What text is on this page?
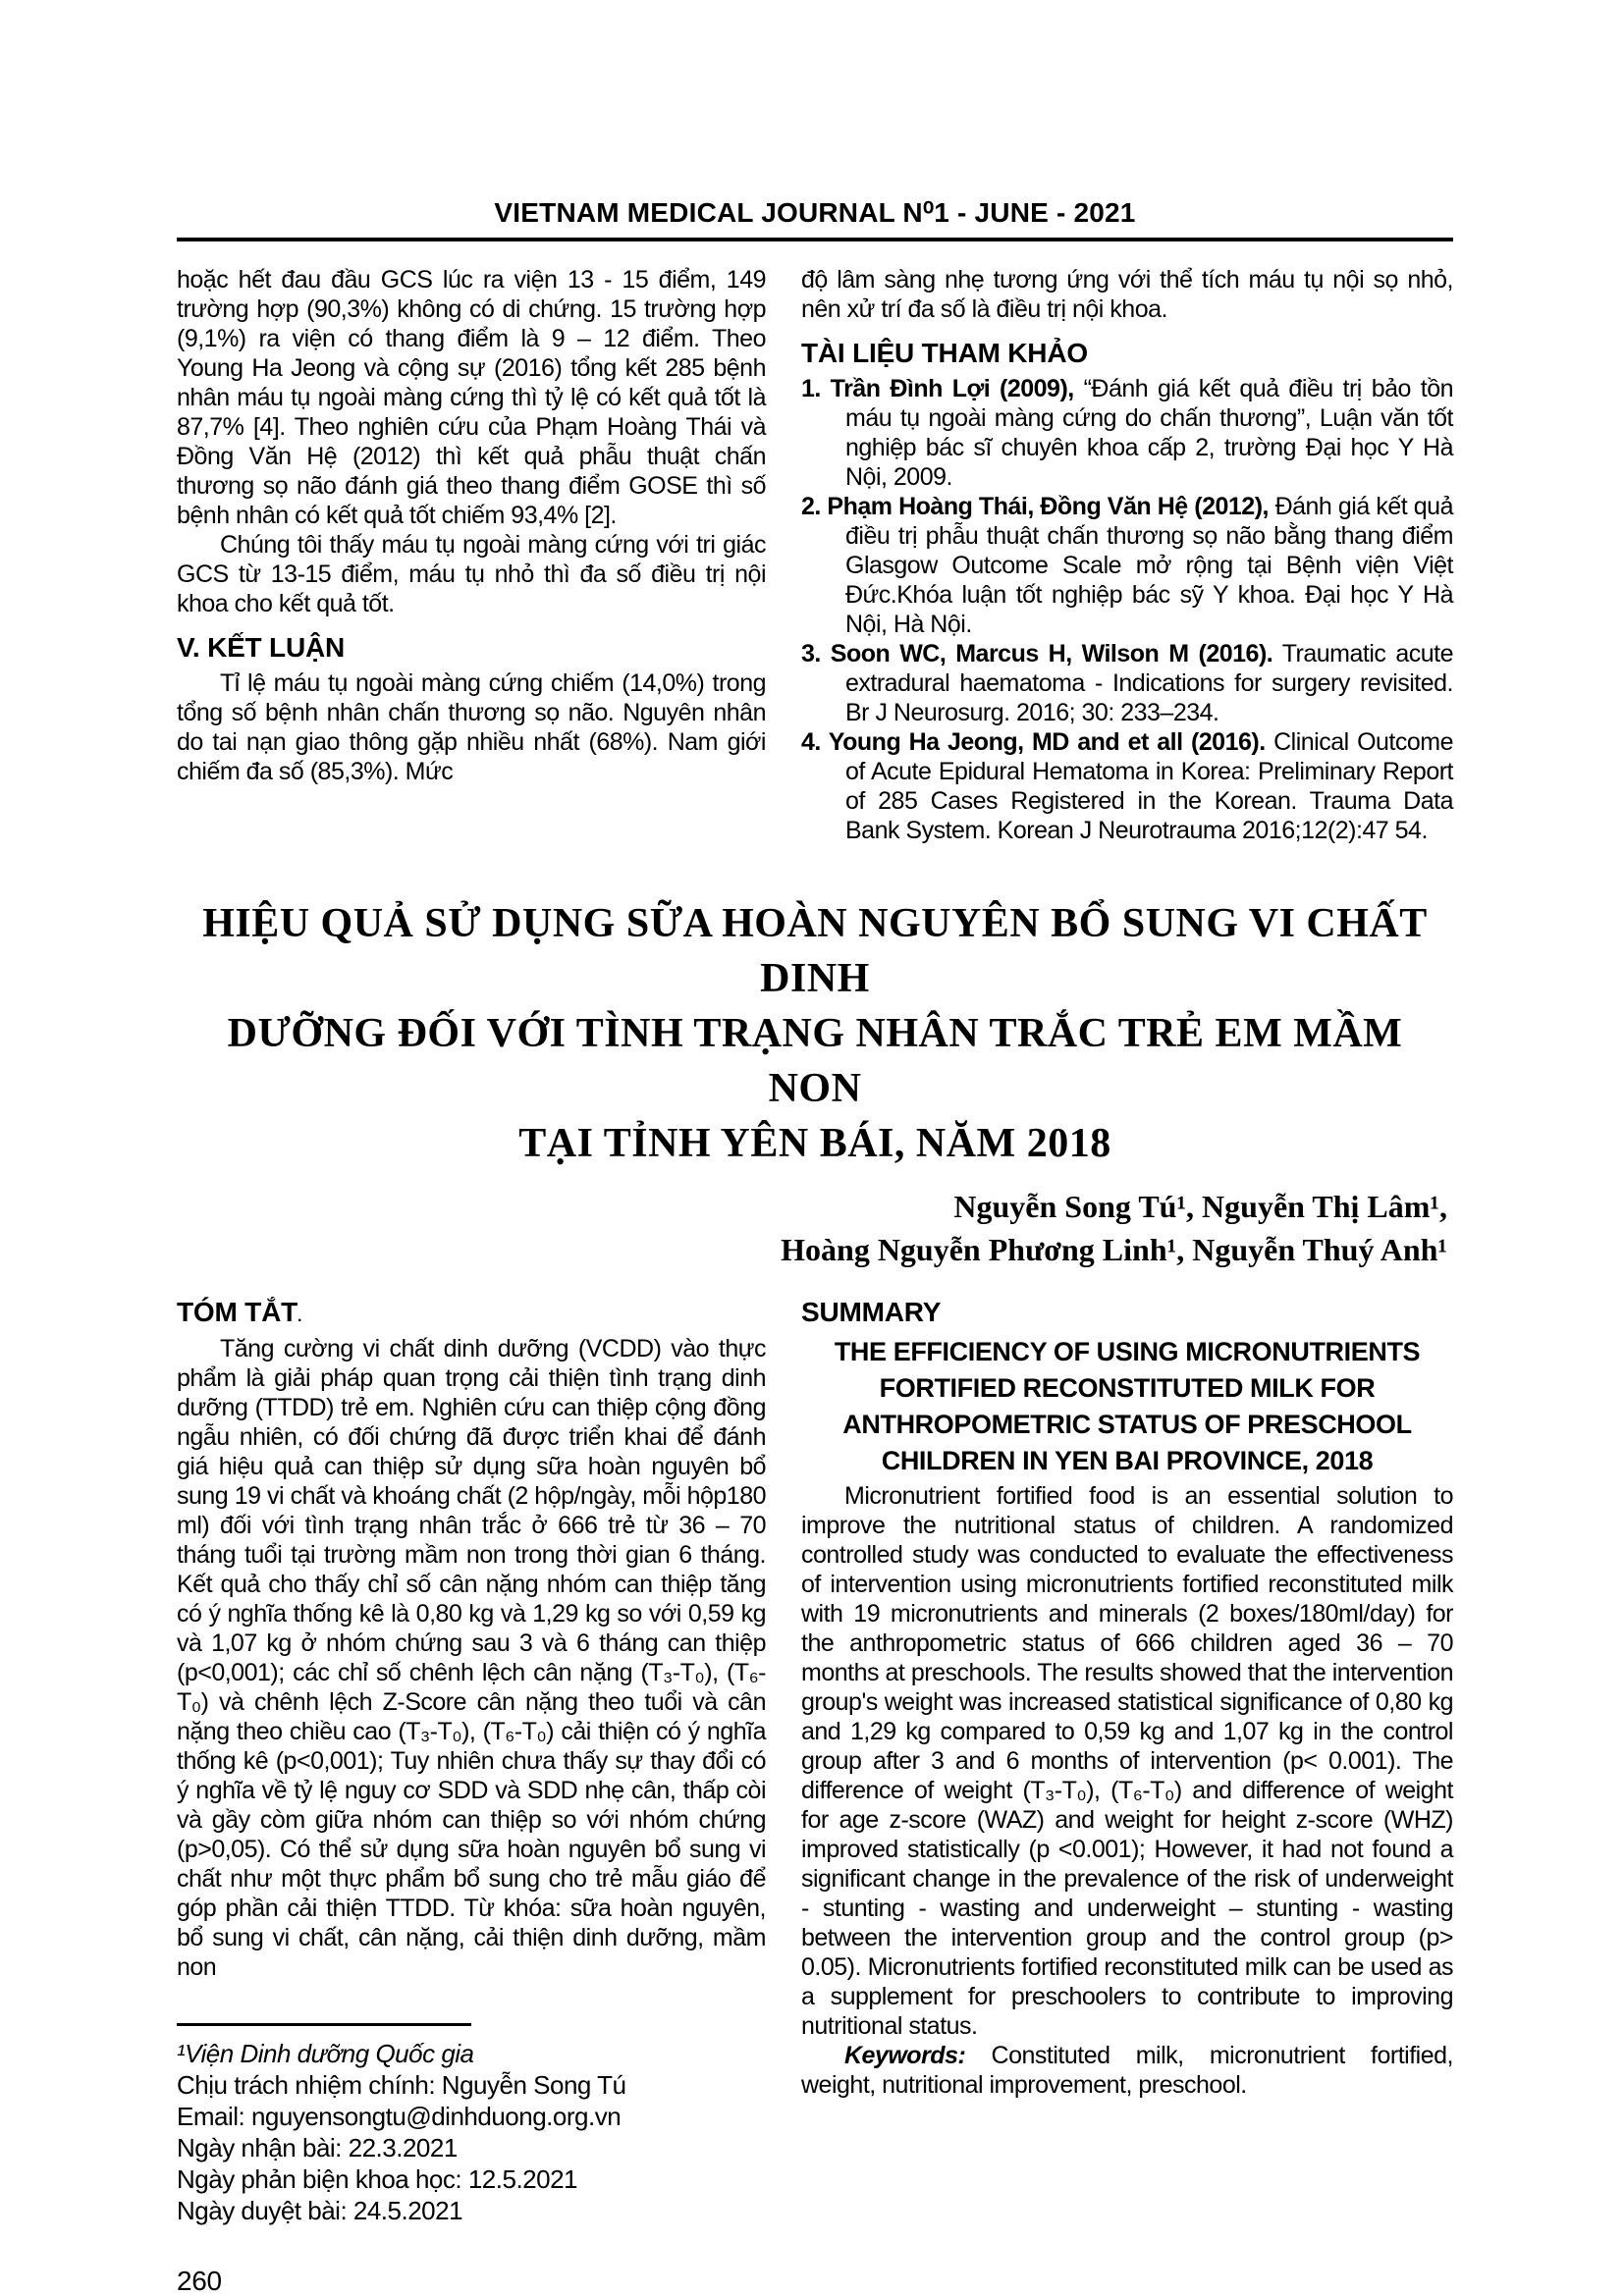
VIETNAM MEDICAL JOURNAL N⁰1 - JUNE - 2021
hoặc hết đau đầu GCS lúc ra viện 13 - 15 điểm, 149 trường hợp (90,3%) không có di chứng. 15 trường hợp (9,1%) ra viện có thang điểm là 9 – 12 điểm. Theo Young Ha Jeong và cộng sự (2016) tổng kết 285 bệnh nhân máu tụ ngoài màng cứng thì tỷ lệ có kết quả tốt là 87,7% [4]. Theo nghiên cứu của Phạm Hoàng Thái và Đồng Văn Hệ (2012) thì kết quả phẫu thuật chấn thương sọ não đánh giá theo thang điểm GOSE thì số bệnh nhân có kết quả tốt chiếm 93,4% [2].
Chúng tôi thấy máu tụ ngoài màng cứng với tri giác GCS từ 13-15 điểm, máu tụ nhỏ thì đa số điều trị nội khoa cho kết quả tốt.
V. KẾT LUẬN
Tỉ lệ máu tụ ngoài màng cứng chiếm (14,0%) trong tổng số bệnh nhân chấn thương sọ não. Nguyên nhân do tai nạn giao thông gặp nhiều nhất (68%). Nam giới chiếm đa số (85,3%). Mức
độ lâm sàng nhẹ tương ứng với thể tích máu tụ nội sọ nhỏ, nên xử trí đa số là điều trị nội khoa.
TÀI LIỆU THAM KHẢO
1. Trần Đình Lợi (2009), “Đánh giá kết quả điều trị bảo tồn máu tụ ngoài màng cứng do chấn thương”, Luận văn tốt nghiệp bác sĩ chuyên khoa cấp 2, trường Đại học Y Hà Nội, 2009.
2. Phạm Hoàng Thái, Đồng Văn Hệ (2012), Đánh giá kết quả điều trị phẫu thuật chấn thương sọ não bằng thang điểm Glasgow Outcome Scale mở rộng tại Bệnh viện Việt Đức.Khóa luận tốt nghiệp bác sỹ Y khoa. Đại học Y Hà Nội, Hà Nội.
3. Soon WC, Marcus H, Wilson M (2016). Traumatic acute extradural haematoma - Indications for surgery revisited. Br J Neurosurg. 2016; 30: 233–234.
4. Young Ha Jeong, MD and et all (2016). Clinical Outcome of Acute Epidural Hematoma in Korea: Preliminary Report of 285 Cases Registered in the Korean. Trauma Data Bank System. Korean J Neurotrauma 2016;12(2):47 54.
HIỆU QUẢ SỬ DỤNG SỮA HOÀN NGUYÊN BỔ SUNG VI CHẤT DINH
DƯỠNG ĐỐI VỚI TÌNH TRẠNG NHÂN TRẮC TRẺ EM MẦM NON
TẠI TỈNH YÊN BÁI, NĂM 2018
Nguyễn Song Tú¹, Nguyễn Thị Lâm¹,
Hoàng Nguyễn Phương Linh¹, Nguyễn Thuý Anh¹
TÓM TẮT.
Tăng cường vi chất dinh dưỡng (VCDD) vào thực phẩm là giải pháp quan trọng cải thiện tình trạng dinh dưỡng (TTDD) trẻ em. Nghiên cứu can thiệp cộng đồng ngẫu nhiên, có đối chứng đã được triển khai để đánh giá hiệu quả can thiệp sử dụng sữa hoàn nguyên bổ sung 19 vi chất và khoáng chất (2 hộp/ngày, mỗi hộp180 ml) đối với tình trạng nhân trắc ở 666 trẻ từ 36 – 70 tháng tuổi tại trường mầm non trong thời gian 6 tháng. Kết quả cho thấy chỉ số cân nặng nhóm can thiệp tăng có ý nghĩa thống kê là 0,80 kg và 1,29 kg so với 0,59 kg và 1,07 kg ở nhóm chứng sau 3 và 6 tháng can thiệp (p<0,001); các chỉ số chênh lệch cân nặng (T₃-T₀), (T₆-T₀) và chênh lệch Z-Score cân nặng theo tuổi và cân nặng theo chiều cao (T₃-T₀), (T₆-T₀) cải thiện có ý nghĩa thống kê (p<0,001); Tuy nhiên chưa thấy sự thay đổi có ý nghĩa về tỷ lệ nguy cơ SDD và SDD nhẹ cân, thấp còi và gầy còm giữa nhóm can thiệp so với nhóm chứng (p>0,05). Có thể sử dụng sữa hoàn nguyên bổ sung vi chất như một thực phẩm bổ sung cho trẻ mẫu giáo để góp phần cải thiện TTDD. Từ khóa: sữa hoàn nguyên, bổ sung vi chất, cân nặng, cải thiện dinh dưỡng, mầm non
¹Viện Dinh dưỡng Quốc gia
Chịu trách nhiệm chính: Nguyễn Song Tú
Email: nguyensongtu@dinhduong.org.vn
Ngày nhận bài: 22.3.2021
Ngày phản biện khoa học: 12.5.2021
Ngày duyệt bài: 24.5.2021
260
SUMMARY
THE EFFICIENCY OF USING MICRONUTRIENTS
FORTIFIED RECONSTITUTED MILK FOR
ANTHROPOMETRIC STATUS OF PRESCHOOL
CHILDREN IN YEN BAI PROVINCE, 2018
Micronutrient fortified food is an essential solution to improve the nutritional status of children. A randomized controlled study was conducted to evaluate the effectiveness of intervention using micronutrients fortified reconstituted milk with 19 micronutrients and minerals (2 boxes/180ml/day) for the anthropometric status of 666 children aged 36 – 70 months at preschools. The results showed that the intervention group's weight was increased statistical significance of 0,80 kg and 1,29 kg compared to 0,59 kg and 1,07 kg in the control group after 3 and 6 months of intervention (p< 0.001). The difference of weight (T₃-T₀), (T₆-T₀) and difference of weight for age z-score (WAZ) and weight for height z-score (WHZ) improved statistically (p <0.001); However, it had not found a significant change in the prevalence of the risk of underweight - stunting - wasting and underweight – stunting - wasting between the intervention group and the control group (p> 0.05). Micronutrients fortified reconstituted milk can be used as a supplement for preschoolers to contribute to improving nutritional status.
Keywords: Constituted milk, micronutrient fortified, weight, nutritional improvement, preschool.
